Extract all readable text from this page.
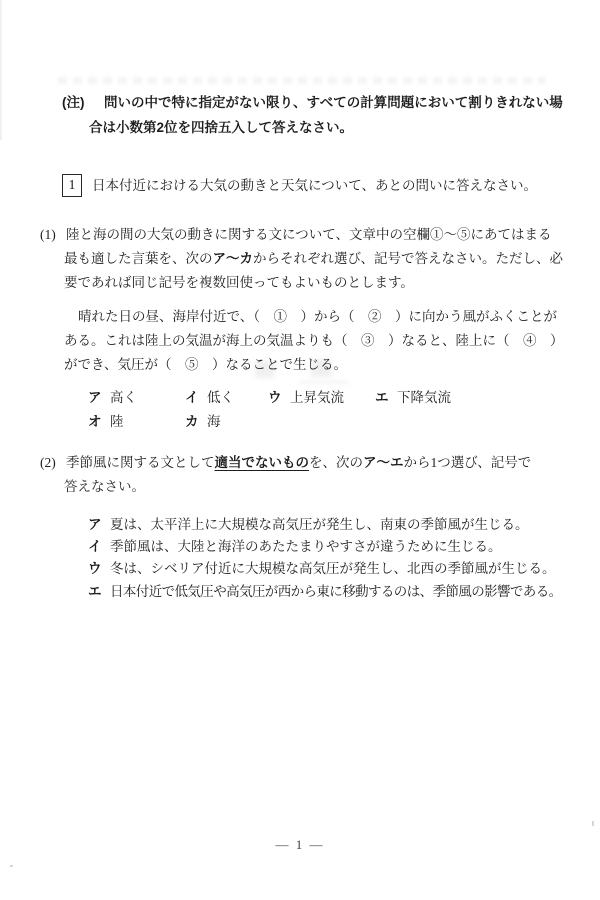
(注) 問いの中で特に指定がない限り、すべての計算問題において割りきれない場
合は小数第2位を四捨五入して答えなさい。
1	日本付近における大気の動きと天気について、あとの問いに答えなさい。
(1) 陸と海の間の大気の動きに関する文について、文章中の空欄①～⑤にあてはまる
最も適した言葉を、次のア～カからそれぞれ選び、記号で答えなさい。ただし、必
要であれば同じ記号を複数回使ってもよいものとします。
晴れた日の昼、海岸付近で、（　①　）から（　②　）に向かう風がふくことが
ある。これは陸上の気温が海上の気温よりも（　③　）なると、陸上に（　④　）
ができ、気圧が（　⑤　）なることで生じる。
ア 高く	イ 低く	ウ 上昇気流 エ 下降気流
オ 陸	カ 海
(2) 季節風に関する文として適当でないものを、次のア～エから1つ選び、記号で
答えなさい。
ア 夏は、太平洋上に大規模な高気圧が発生し、南東の季節風が生じる。
イ 季節風は、大陸と海洋のあたたまりやすさが違うために生じる。
ウ 冬は、シベリア付近に大規模な高気圧が発生し、北西の季節風が生じる。
エ 日本付近で低気圧や高気圧が西から東に移動するのは、季節風の影響である。
— 1 —
